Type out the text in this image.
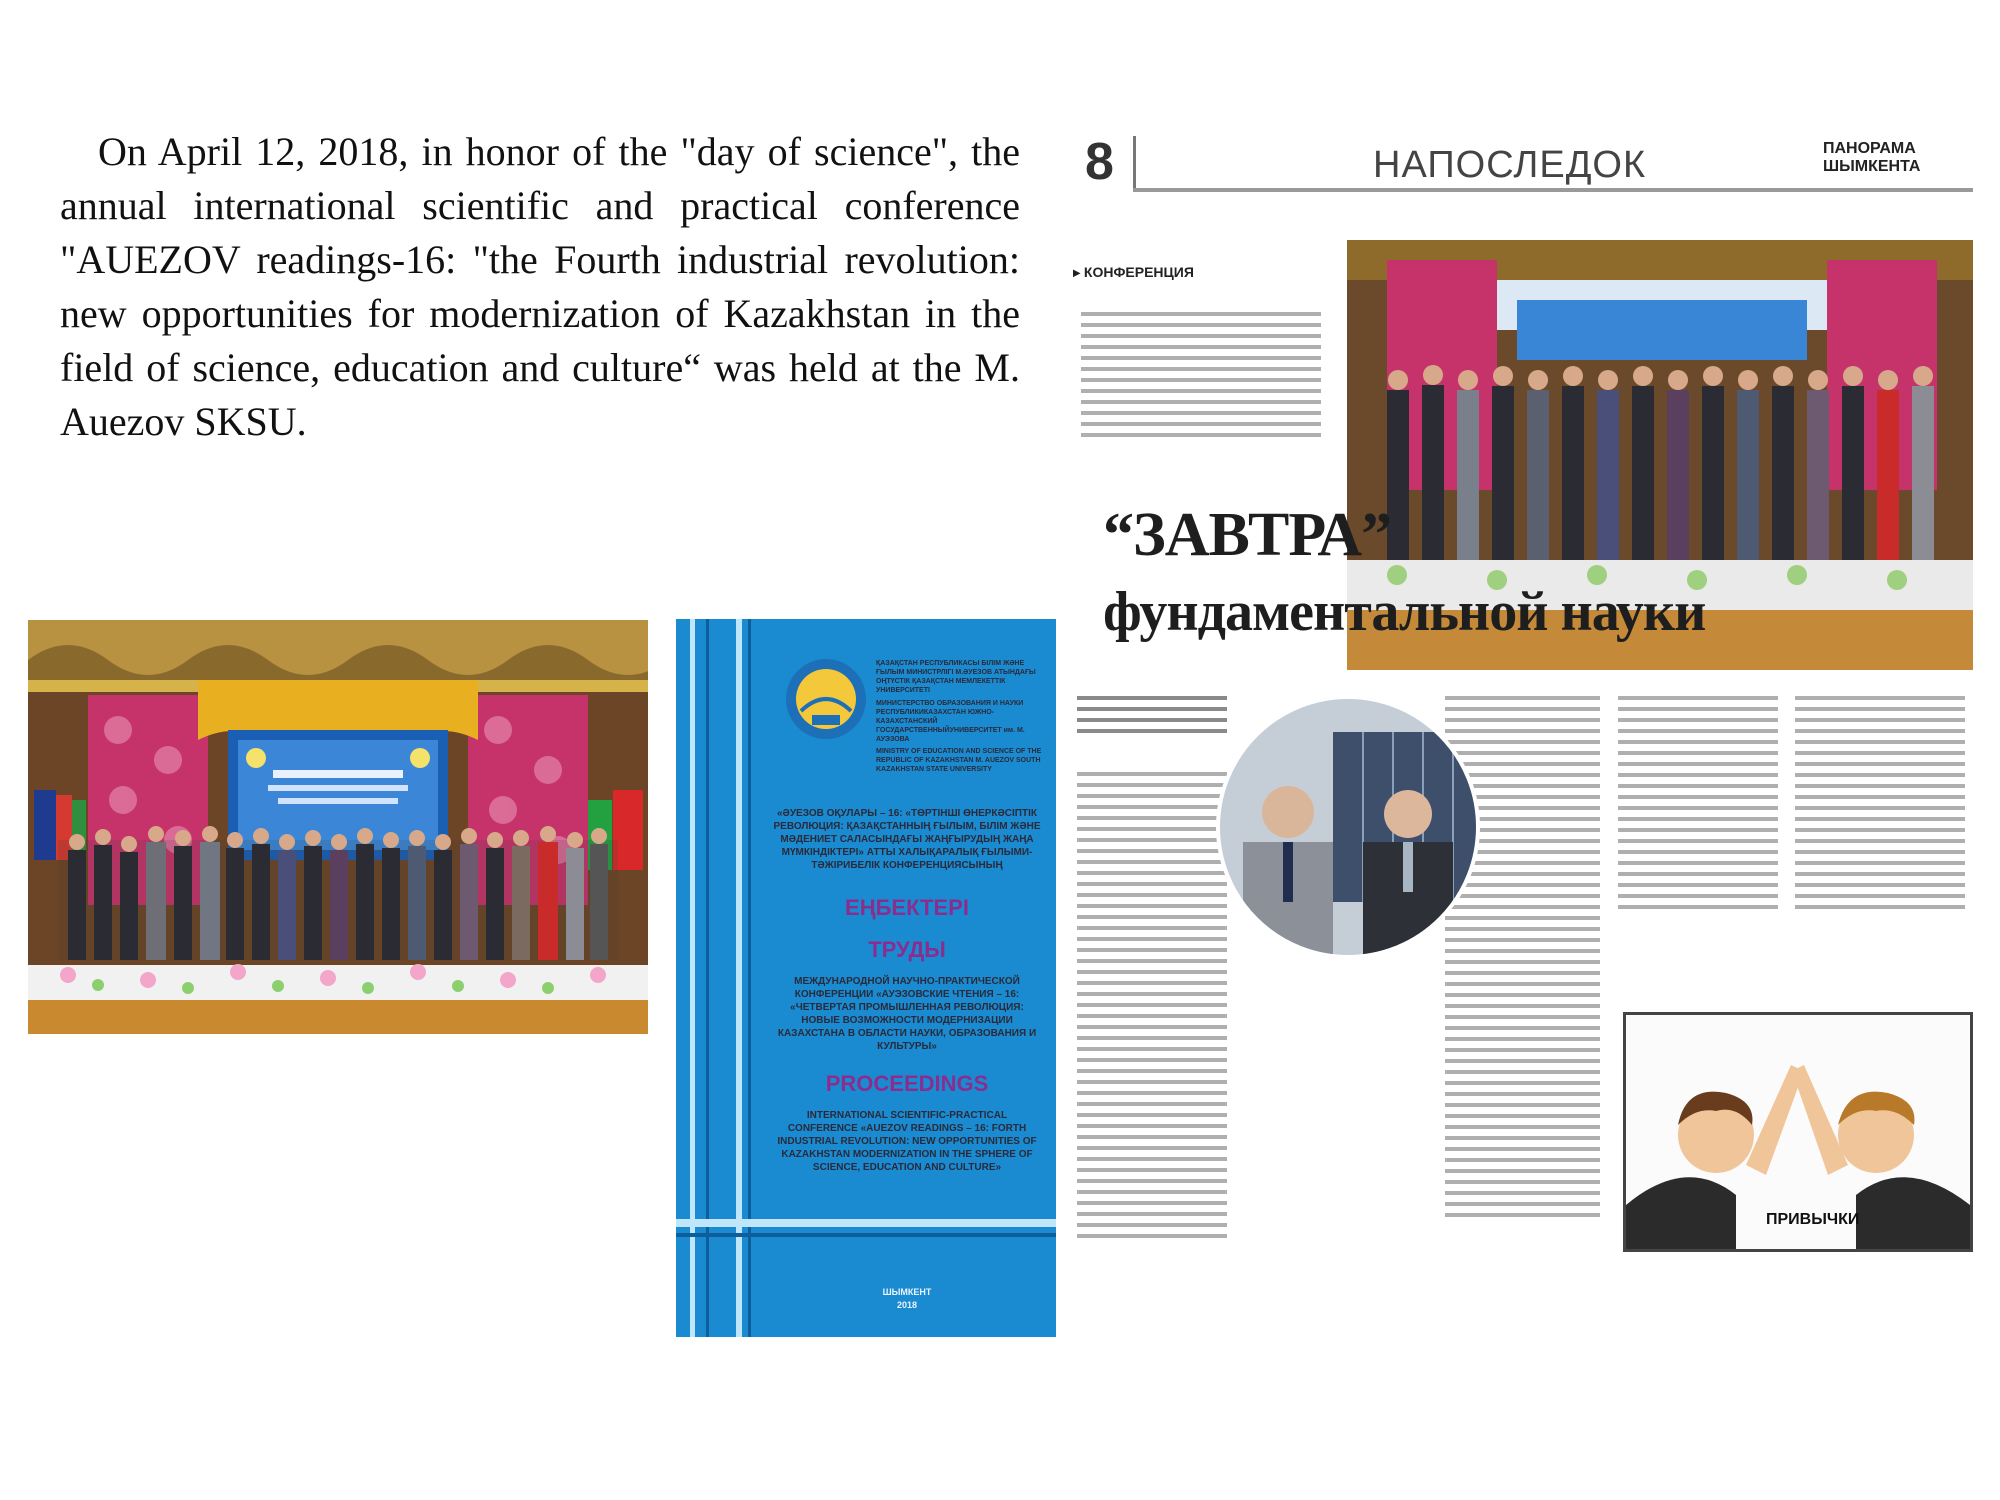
On April 12, 2018, in honor of the "day of science", the annual international scientific and practical conference "AUEZOV readings-16: "the Fourth industrial revolution: new opportunities for modernization of Kazakhstan in the field of science, education and culture“ was held at the M. Auezov SKSU.

ҚАЗАҚСТАН РЕСПУБЛИКАСЫ БІЛІМ ЖӘНЕ ҒЫЛЫМ МИНИСТРЛІГІ М.ӘУЕЗОВ АТЫНДАҒЫ ОҢТҮСТІК ҚАЗАҚСТАН МЕМЛЕКЕТТІК УНИВЕРСИТЕТІ
МИНИСТЕРСТВО ОБРАЗОВАНИЯ И НАУКИ РЕСПУБЛИКИКАЗАХСТАН ЮЖНО-КАЗАХСТАНСКИЙ ГОСУДАРСТВЕННЫЙУНИВЕРСИТЕТ им. М. АУЭЗОВА
MINISTRY OF EDUCATION AND SCIENCE OF THE REPUBLIC OF KAZAKHSTAN M. AUEZOV SOUTH KAZAKHSTAN STATE UNIVERSITY
«ӘУЕЗОВ ОҚУЛАРЫ – 16: «ТӨРТІНШІ ӨНЕРКӘСІПТІК РЕВОЛЮЦИЯ: ҚАЗАҚСТАННЫҢ ҒЫЛЫМ, БІЛІМ ЖӘНЕ МӘДЕНИЕТ САЛАСЫНДАҒЫ ЖАҢҒЫРУДЫҢ ЖАҢА МҮМКІНДІКТЕРІ» АТТЫ ХАЛЫҚАРАЛЫҚ ҒЫЛЫМИ-ТӘЖІРИБЕЛІК КОНФЕРЕНЦИЯСЫНЫҢ
ЕҢБЕКТЕРІ
ТРУДЫ
МЕЖДУНАРОДНОЙ НАУЧНО-ПРАКТИЧЕСКОЙ КОНФЕРЕНЦИИ «АУЭЗОВСКИЕ ЧТЕНИЯ – 16: «ЧЕТВЕРТАЯ ПРОМЫШЛЕННАЯ РЕВОЛЮЦИЯ: НОВЫЕ ВОЗМОЖНОСТИ МОДЕРНИЗАЦИИ КАЗАХСТАНА В ОБЛАСТИ НАУКИ, ОБРАЗОВАНИЯ И КУЛЬТУРЫ»
PROCEEDINGS
INTERNATIONAL SCIENTIFIC-PRACTICAL CONFERENCE «AUEZOV READINGS – 16: FORTH INDUSTRIAL REVOLUTION: NEW OPPORTUNITIES OF KAZAKHSTAN MODERNIZATION IN THE SPHERE OF SCIENCE, EDUCATION AND CULTURE»
ШЫМКЕНТ
2018
8	НАПОСЛЕДОК	ПАНОРАМА ШЫМКЕНТА
▸ КОНФЕРЕНЦИЯ
“ЗАВТРА”
фундаментальной науки
ПРИВЫЧКИ
